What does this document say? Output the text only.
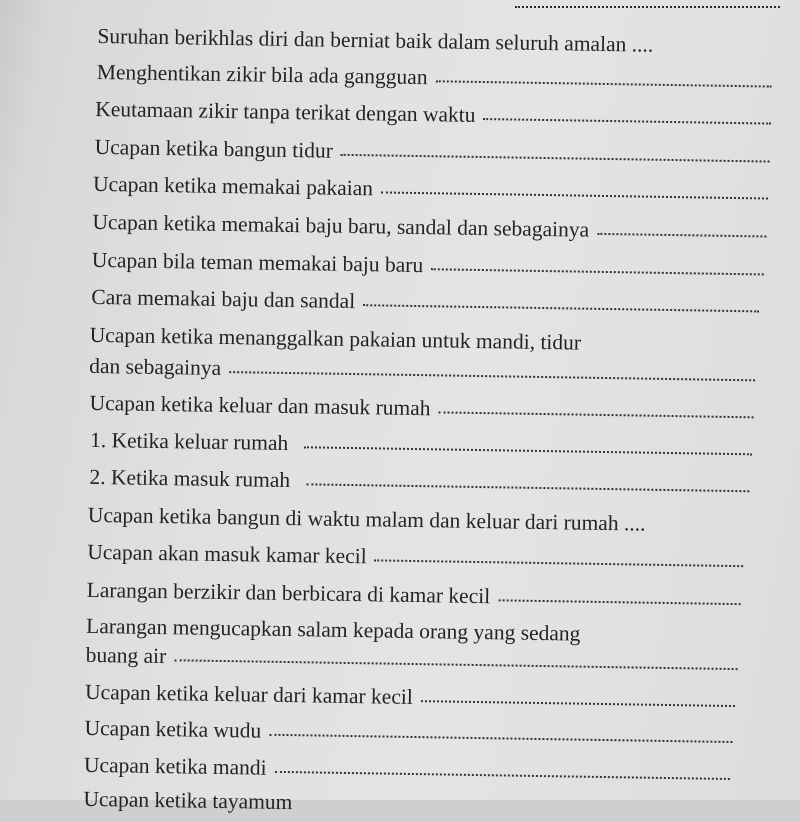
Suruhan berikhlas diri dan berniat baik dalam seluruh amalan ....
Menghentikan zikir bila ada gangguan
Keutamaan zikir tanpa terikat dengan waktu
Ucapan ketika bangun tidur
Ucapan ketika memakai pakaian
Ucapan ketika memakai baju baru, sandal dan sebagainya
Ucapan bila teman memakai baju baru
Cara memakai baju dan sandal
Ucapan ketika menanggalkan pakaian untuk mandi, tidur
dan sebagainya
Ucapan ketika keluar dan masuk rumah
1. Ketika keluar rumah
2. Ketika masuk rumah
Ucapan ketika bangun di waktu malam dan keluar dari rumah ....
Ucapan akan masuk kamar kecil
Larangan berzikir dan berbicara di kamar kecil
Larangan mengucapkan salam kepada orang yang sedang
buang air
Ucapan ketika keluar dari kamar kecil
Ucapan ketika wudu
Ucapan ketika mandi
Ucapan ketika tayamum
